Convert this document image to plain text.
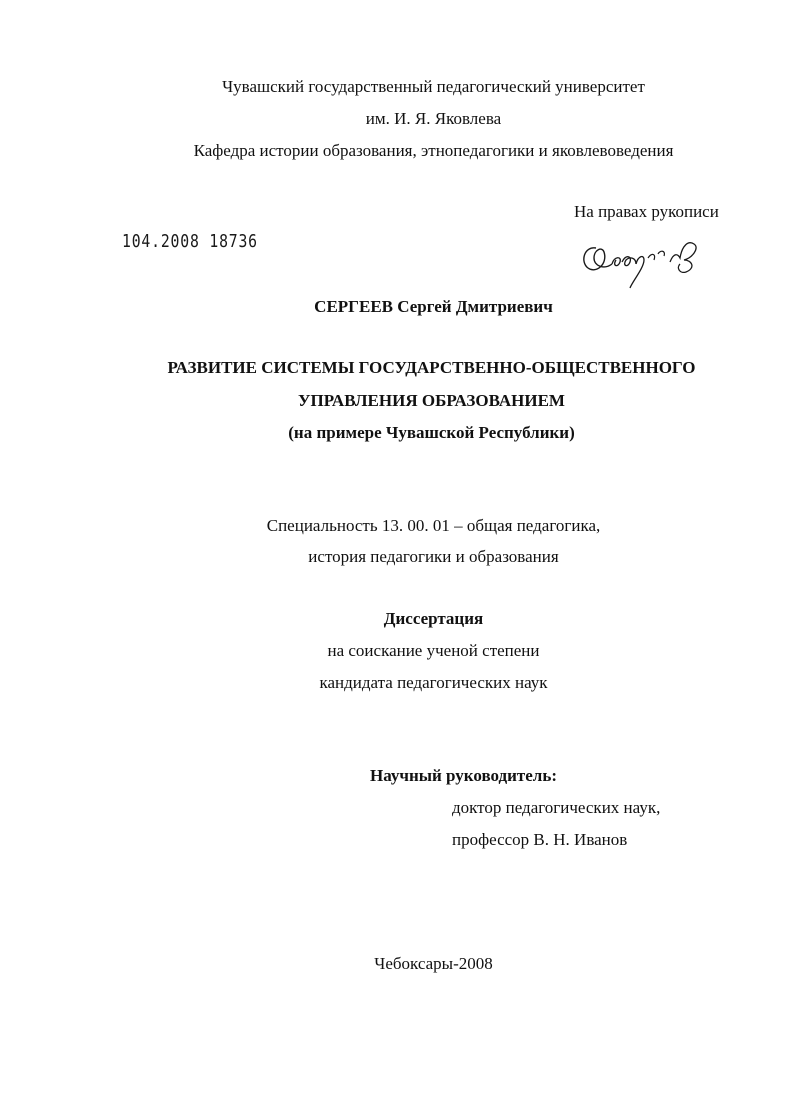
Чувашский государственный педагогический университет
им. И. Я. Яковлева
Кафедра истории образования, этнопедагогики и яковлевоведения
На правах рукописи
104.2008 18736
СЕРГЕЕВ Сергей Дмитриевич
РАЗВИТИЕ СИСТЕМЫ ГОСУДАРСТВЕННО-ОБЩЕСТВЕННОГО
УПРАВЛЕНИЯ ОБРАЗОВАНИЕМ
(на примере Чувашской Республики)
Специальность 13. 00. 01 – общая педагогика,
история педагогики и образования
Диссертация
на соискание ученой степени
кандидата педагогических наук
Научный руководитель:
доктор педагогических наук,
профессор В. Н. Иванов
Чебоксары-2008
